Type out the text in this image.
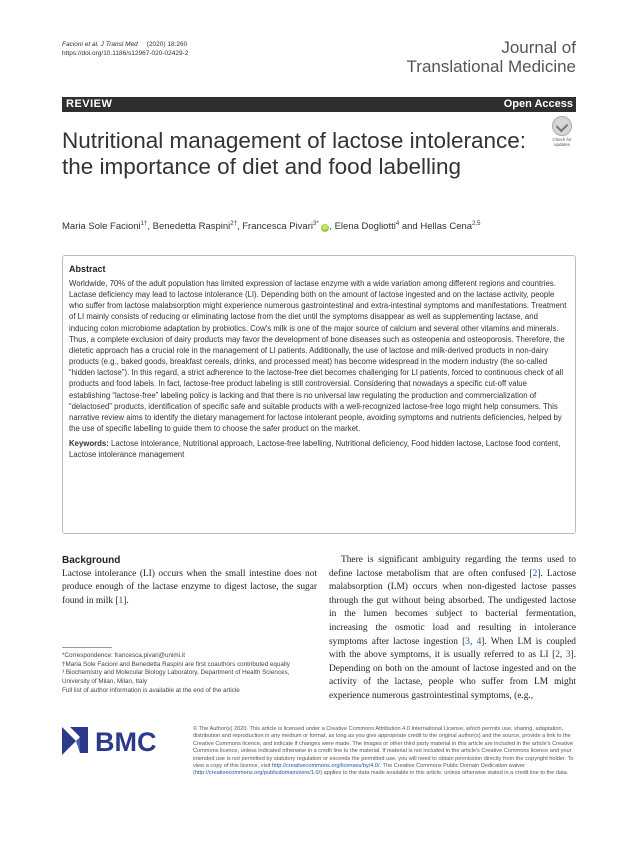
Facioni et al. J Transl Med (2020) 18:260
https://doi.org/10.1186/s12967-020-02429-2	Journal of
Translational Medicine
REVIEW	Open Access
Nutritional management of lactose intolerance: the importance of diet and food labelling
Check for
updates
Maria Sole Facioni$^{1\dagger}$, Benedetta Raspini$^{2\dagger}$, Francesca Pivari$^{3*}$ iD , Elena Dogliotti$^4$ and Hellas Cena$^{2,5}$
Abstract

Worldwide, 70% of the adult population has limited expression of lactase enzyme with a wide variation among different regions and countries. Lactase deficiency may lead to lactose intolerance (LI). Depending both on the amount of lactose ingested and on the lactase activity, people who suffer from lactose malabsorption might experience numerous gastrointestinal and extra-intestinal symptoms and manifestations. Treatment of LI mainly consists of reducing or eliminating lactose from the diet until the symptoms disappear as well as supplementing lactase, and inducing colon microbiome adaptation by probiotics. Cow's milk is one of the major source of calcium and several other vitamins and minerals. Thus, a complete exclusion of dairy products may favor the development of bone diseases such as osteopenia and osteoporosis. Therefore, the dietetic approach has a crucial role in the management of LI patients. Additionally, the use of lactose and milk-derived products in non-dairy products (e.g., baked goods, breakfast cereals, drinks, and processed meat) has become widespread in the modern industry (the so-called “hidden lactose”). In this regard, a strict adherence to the lactose-free diet becomes challenging for LI patients, forced to continuous check of all products and food labels. In fact, lactose-free product labeling is still controversial. Considering that nowadays a specific cut-off value establishing “lactose-free” labeling policy is lacking and that there is no universal law regulating the production and commercialization of “delactosed” products, identification of specific safe and suitable products with a well-recognized lactose-free logo might help consumers. This narrative review aims to identify the dietary management for lactose intolerant people, avoiding symptoms and nutrients deficiencies, helped by the use of specific labelling to guide them to choose the safer product on the market.

Keywords: Lactose intolerance, Nutritional approach, Lactose-free labelling, Nutritional deficiency, Food hidden lactose, Lactose food content, Lactose intolerance management

Background

Lactose intolerance (LI) occurs when the small intestine does not produce enough of the lactase enzyme to digest lactose, the sugar found in milk [1].

There is significant ambiguity regarding the terms used to define lactose metabolism that are often confused [2]. Lactose malabsorption (LM) occurs when non-digested lactose passes through the gut without being absorbed. The undigested lactose in the lumen becomes subject to bacterial fermentation, increasing the osmotic load and resulting in intolerance symptoms after lactose ingestion [3, 4]. When LM is coupled with the above symptoms, it is usually referred to as LI [2, 3]. Depending on both on the amount of lactose ingested and on the activity of the lactase, people who suffer from LM might experience numerous gastrointestinal symptoms, (e.g.,

*Correspondence: francesca.pivari@unimi.it
†Maria Sole Facioni and Benedetta Raspini are first coauthors contributed equally
³ Biochemistry and Molecular Biology Laboratory, Department of Health Sciences, University of Milan, Milan, Italy
Full list of author information is available at the end of the article
BMC	© The Author(s) 2020. This article is licensed under a Creative Commons Attribution 4.0 International License, which permits use, sharing, adaptation, distribution and reproduction in any medium or format, as long as you give appropriate credit to the original author(s) and the source, provide a link to the Creative Commons licence, and indicate if changes were made. The images or other third party material in this article are included in the article's Creative Commons licence, unless indicated otherwise in a credit line to the material. If material is not included in the article's Creative Commons licence and your intended use is not permitted by statutory regulation or exceeds the permitted use, you will need to obtain permission directly from the copyright holder. To view a copy of this licence, visit http://creativecommons.org/licenses/by/4.0/. The Creative Commons Public Domain Dedication waiver (http://creativecommons.org/publicdomain/zero/1.0/) applies to the data made available in this article, unless otherwise stated in a credit line to the data.
